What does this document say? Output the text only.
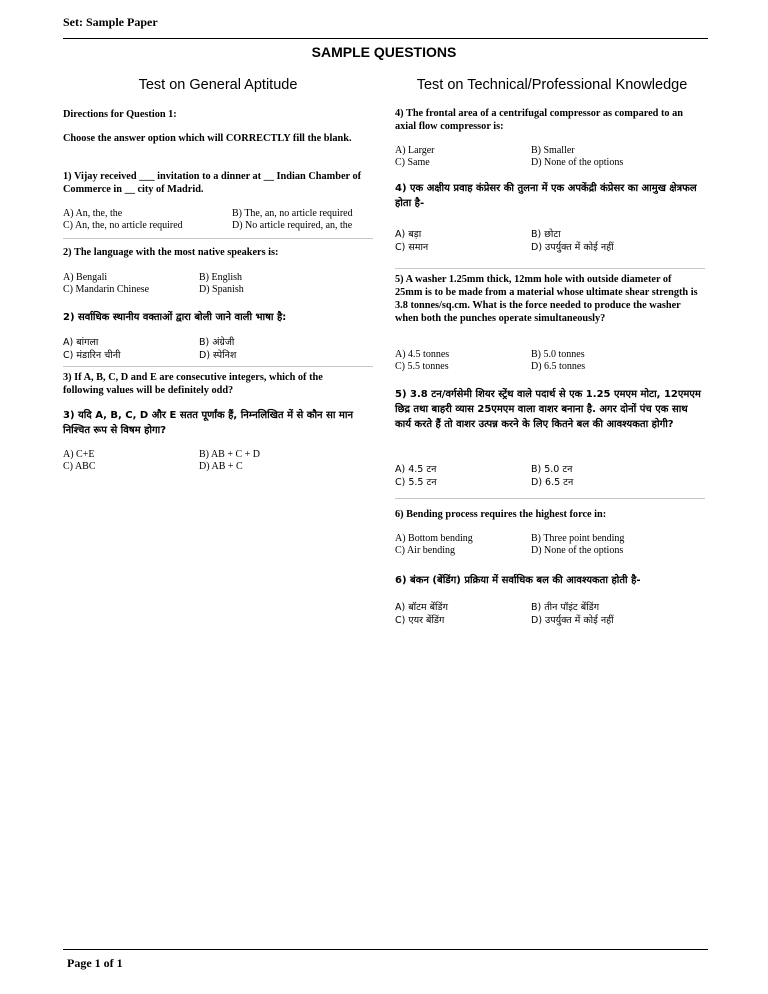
Set: Sample Paper
SAMPLE QUESTIONS
Test on General Aptitude
Directions for Question 1:
Choose the answer option which will CORRECTLY fill the blank.
1) Vijay received ___ invitation to a dinner at __ Indian Chamber of Commerce in __ city of Madrid.
A) An, the, the	B) The, an, no article required
C) An, the, no article required	D) No article required, an, the
2) The language with the most native speakers is:
A) Bengali	B) English
C) Mandarin Chinese	D) Spanish
2) सर्वाधिक स्थानीय वक्ताओं द्वारा बोली जाने वाली भाषा है:
A) बांगला	B) अंग्रेजी
C) मंडारिन चीनी	D) स्पेनिश
3) If A, B, C, D and E are consecutive integers, which of the following values will be definitely odd?
3) यदि A, B, C, D और E सतत पूर्णांक हैं, निम्नलिखित में से कौन सा मान निश्चित रूप से विषम होगा?
A) C+E	B) AB + C + D
C) ABC	D) AB + C
Test on Technical/Professional Knowledge
4) The frontal area of a centrifugal compressor as compared to an axial flow compressor is:
A) Larger	B) Smaller
C) Same	D) None of the options
4) एक अक्षीय प्रवाह कंप्रेसर की तुलना में एक अपकेंद्री कंप्रेसर का आमुख क्षेत्रफल होता है-
A) बड़ा	B) छोटा
C) समान	D) उपर्युक्त में कोई नहीं
5) A washer 1.25mm thick, 12mm hole with outside diameter of 25mm is to be made from a material whose ultimate shear strength is 3.8 tonnes/sq.cm. What is the force needed to produce the washer when both the punches operate simultaneously?
A) 4.5 tonnes	B) 5.0 tonnes
C) 5.5 tonnes	D) 6.5 tonnes
5) 3.8 टन/वर्गसेमी शियर स्ट्रेंथ वाले पदार्थ से एक 1.25 एमएम मोटा, 12एमएम छिद्र तथा बाहरी व्यास 25एमएम वाला वाशर बनाना है. अगर दोनों पंच एक साथ कार्य करते हैं तो वाशर उत्पन्न करने के लिए कितने बल की आवश्यकता होगी?
A) 4.5 टन	B) 5.0 टन
C) 5.5 टन	D) 6.5 टन
6) Bending process requires the highest force in:
A) Bottom bending	B) Three point bending
C) Air bending	D) None of the options
6) बंकन (बेंडिंग) प्रक्रिया में सर्वाधिक बल की आवश्यकता होती है-
A) बॉटम बेंडिंग	B) तीन पॉइंट बेंडिंग
C) एयर बेंडिंग	D) उपर्युक्त में कोई नहीं
Page 1 of 1
